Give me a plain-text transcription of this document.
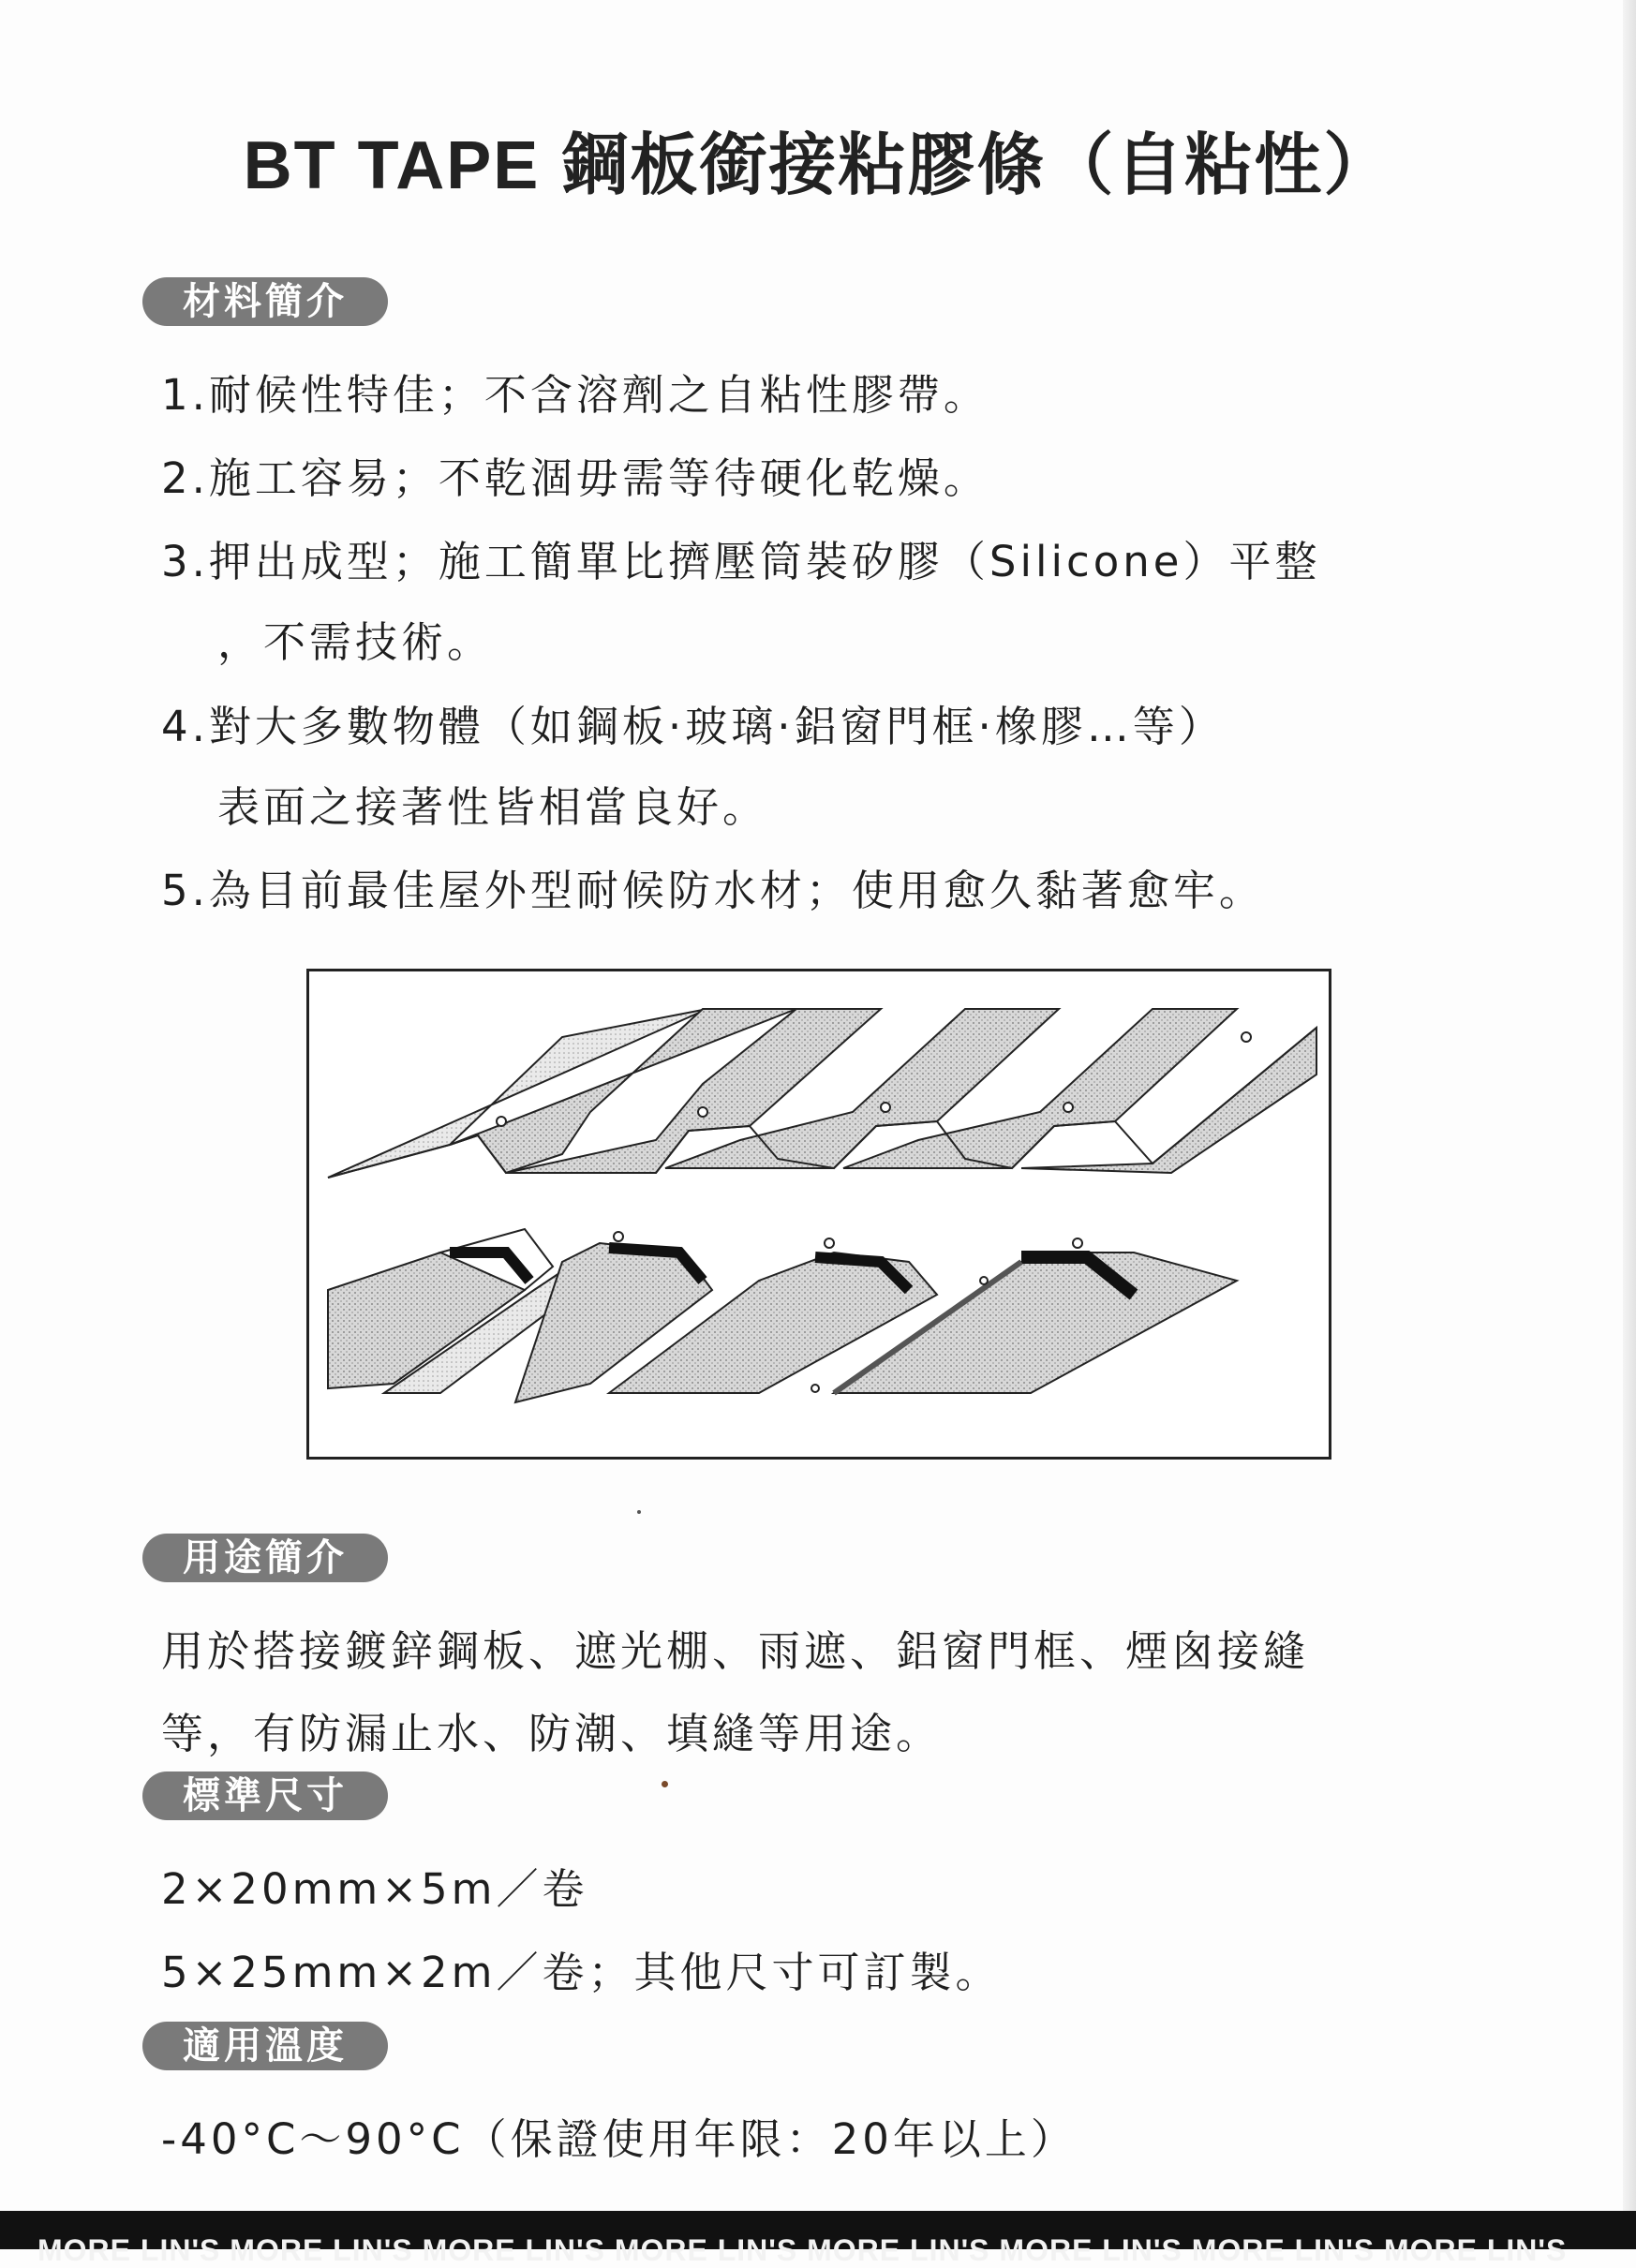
BT TAPE 鋼板銜接粘膠條（自粘性）
材料簡介
1.耐候性特佳；不含溶劑之自粘性膠帶。
2.施工容易；不乾涸毋需等待硬化乾燥。
3.押出成型；施工簡單比擠壓筒裝矽膠（Silicone）平整
，不需技術。
4.對大多數物體（如鋼板·玻璃·鋁窗門框·橡膠…等）
表面之接著性皆相當良好。
5.為目前最佳屋外型耐候防水材；使用愈久黏著愈牢。
用途簡介
用於搭接鍍鋅鋼板、遮光棚、雨遮、鋁窗門框、煙囪接縫
等，有防漏止水、防潮、填縫等用途。
標準尺寸
2×20mm×5m／卷
5×25mm×2m／卷；其他尺寸可訂製。
適用溫度
-40°C～90°C（保證使用年限：20年以上）
MORE LIN'S MORE LIN'S MORE LIN'S MORE LIN'S MORE LIN'S MORE LIN'S MORE LIN'S MORE LIN'S
